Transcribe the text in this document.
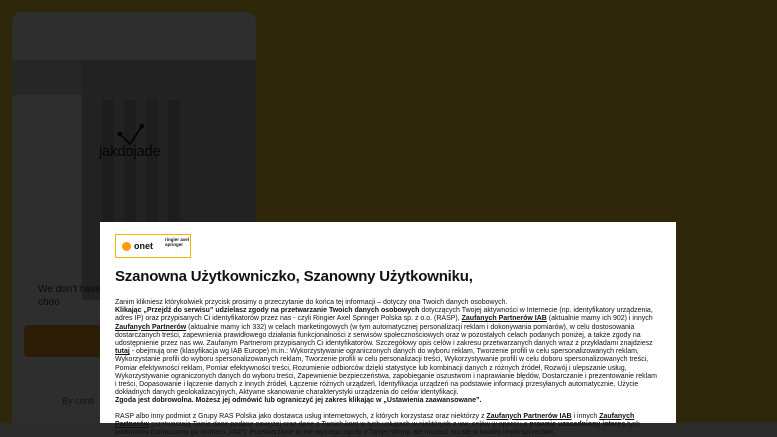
onet
ringier axel springer
Szanowna Użytkowniczko, Szanowny Użytkowniku,

Zanim klikniesz którykolwiek przycisk prosimy o przeczytanie do końca tej informacji – dotyczy ona Twoich danych osobowych.

Klikając „Przejdź do serwisu” udzielasz zgody na przetwarzanie Twoich danych osobowych dotyczących Twojej aktywności w Internecie (np. identyfikatory urządzenia, adres IP) oraz przypisanych Ci identyfikatorów przez nas - czyli Ringier Axel Springer Polska sp. z o.o. (RASP), Zaufanych Partnerów IAB (aktualnie mamy ich 902) i innych Zaufanych Partnerów (aktualnie mamy ich 332) w celach marketingowych (w tym automatycznej personalizacji reklam i dokonywania pomiarów), w celu dostosowania dostarczanych treści, zapewnienia prawidłowego działania funkcjonalności z serwisów społecznościowych oraz w pozostałych celach podanych poniżej, a także zgody na udostępnienie przez nas ww. Zaufanym Partnerom przypisanych Ci identyfikatorów. Szczegółowy opis celów i zakresu przetwarzanych danych wraz z przykładami znajdziesz tutaj - obejmują one (klasyfikacja wg IAB Europe) m.in.: Wykorzystywanie ograniczonych danych do wyboru reklam, Tworzenie profili w celu spersonalizowanych reklam, Wykorzystanie profili do wyboru spersonalizowanych reklam, Tworzenie profili w celu personalizacji treści, Wykorzystywanie profili w celu doboru spersonalizowanych treści, Pomiar efektywności reklam, Pomiar efektywności treści, Rozumienie odbiorców dzięki statystyce lub kombinacji danych z różnych źródeł, Rozwój i ulepszanie usług, Wykorzystywanie ograniczonych danych do wyboru treści, Zapewnienie bezpieczeństwa, zapobieganie oszustwom i naprawianie błędów, Dostarczanie i prezentowanie reklam i treści, Dopasowanie i łączenie danych z innych źródeł, Łączenie różnych urządzeń, Identyfikacja urządzeń na podstawie informacji przesyłanych automatycznie, Użycie dokładnych danych geolokalizacyjnych, Aktywne skanowanie charakterystyki urządzenia do celów identyfikacji.

Zgoda jest dobrowolna. Możesz jej odmówić lub ograniczyć jej zakres klikając w „Ustawienia zaawansowane”.

RASP albo inny podmiot z Grupy RAS Polska jako dostawca usług internetowych, z których korzystasz oraz niektórzy z Zaufanych Partnerów IAB i innych Zaufanych Partnerów przetwarzają Twoje dane podane powyżej oraz dane z Twoich kont w tych usługach w niektórych z ww. celów w oparciu o prawnie uzasadniony interes tych podmiotów (oznaczamy go skrótem „UIA”). Przetwarzanie to nie wymaga zgody z Twojej strony, ale możesz mu się w każdej chwili sprzeciwić.
